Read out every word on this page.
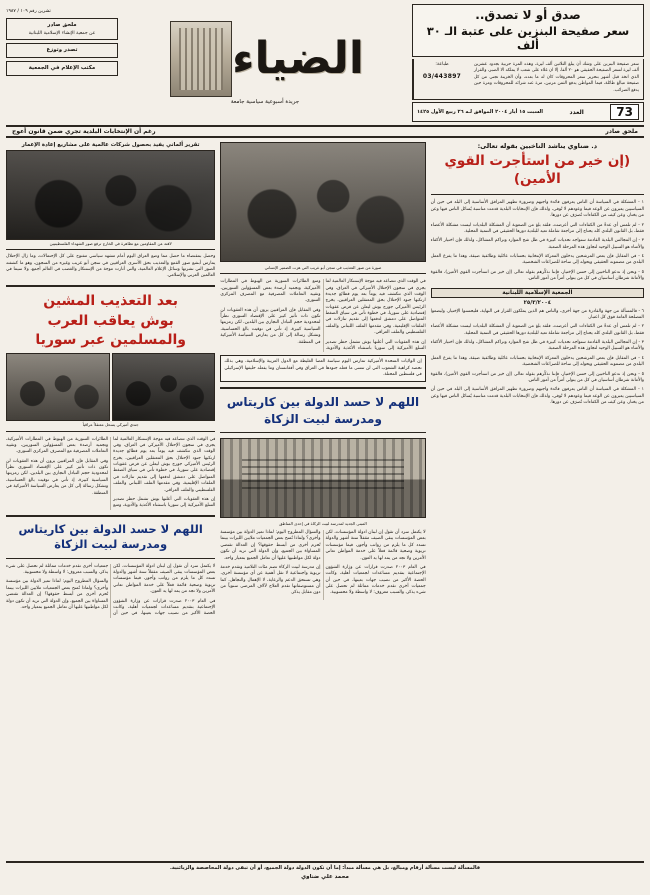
صدق أو لا تصدق..
سعر صفيحة البنزين على عتبة الـ ٣٠ ألف
سعر صفيحة البنزين على وشك أن يبلغ الثلاثين ألف ليرة، وهذه المرة حربية بجدود عشرين ألف ليرة لسعر الصفيحة الحقيقي هو ٢٠ ألفا، إلا ان غلاء على شعب لا يملكه الا الصبر، والقرار الذي اتخذ قبل أشهر بتحرير سعر المحروقات كان له ما بعده، وأن الخزينة تجني من كل صفيحة مبالغ طائلة، فيما المواطن يدفع الثمن مرتين، مرة عند شرائه للمحروقات ومرة حين يدفع الضرائب.
طباعة:
03/443897
73
العدد
السبت ١٥ أيار ٢٠٠٤ الموافق لـه ٢٦ ربيع الأول ١٤٢٥
الضياء
جريدة أسبوعية سياسية جامعة
تشرين رقم ١٠٩ / ١٩٨٧
ملحق صادر
عن جمعية الإنشاء الإسلامية اللبنانية
تصدر وتوزع
مكتب الإعلام في الجمعية
ملحق صادر
رغم أن الإنتخابات البلدية تجري ضمن قانون أعوج
د. ضناوي يناشد الناخبين بقوله تعالى:
(إن خير من استأجرت القوي الأمين)

١ - المشكلة في السياسة أن الناس يعرفون فائدة واجبهم وضرورة تطهير المرافق الأساسية إلى البلد في حين أن السياسيين يعبرون عن الوعد فيما وعودهم لا تُوفى، ولذلك فإن الإنتخابات البلدية قدمت مناسبة يُسائل الناس فيها وعن من يختار، وعن كيف من الكفاءات تُصرَف عن دورها.

٢ - لم تلمس أي عدةً من الكفاءات التي أعرضت، فلقد بلغ من الصعوبة أن المشكلة البلديات ليست مشكلة الأعضاء فقط، بل القانون البلدي كله يحتاج إلى مراجعة شاملة تعيد للبلدية دورها الحقيقي في التنمية المحلية.

٣ - إن المجالس البلدية القادمة ستواجه تحديات كبيرة في ظل شح الموارد وتراكم المشاكل، ولذلك فإن اختيار الأكفاء والأمناء هو السبيل الوحيد لتجاوز هذه المرحلة الصعبة.

٤ - في المقابل فإن بعض المرشحين يدخلون المعركة الإنتخابية بحسابات عائلية وطائفية ضيقة، وهذا ما يفرغ العمل البلدي من مضمونه الحقيقي ويحوله إلى ساحة للصراعات الشخصية.

٥ - ونحن إذ ندعو الناخبين إلى حسن الإختيار، فإننا نذكّرهم بقوله تعالى (إن خير من استأجرت القوي الأمين)، فالقوة والأمانة شرطان أساسيان في كل من يتولى أمراً من أمور الناس.

الجمعية الإسلامية اللبنانية
٢٥/٣/٢٠٠٤

٦ - فالمسألة من جهة والقادرة من جهة أخرى، والناس هم الذين يملكون القرار في النهاية، فليحسنوا الإختيار، وليضعوا المصلحة العامة فوق كل اعتبار.

٢ - لم تلمس أي عدةً من الكفاءات التي أعرضت، فلقد بلغ من الصعوبة أن المشكلة البلديات ليست مشكلة الأعضاء فقط، بل القانون البلدي كله يحتاج إلى مراجعة شاملة تعيد للبلدية دورها الحقيقي في التنمية المحلية.

٣ - إن المجالس البلدية القادمة ستواجه تحديات كبيرة في ظل شح الموارد وتراكم المشاكل، ولذلك فإن اختيار الأكفاء والأمناء هو السبيل الوحيد لتجاوز هذه المرحلة الصعبة.

٤ - في المقابل فإن بعض المرشحين يدخلون المعركة الإنتخابية بحسابات عائلية وطائفية ضيقة، وهذا ما يفرغ العمل البلدي من مضمونه الحقيقي ويحوله إلى ساحة للصراعات الشخصية.

٥ - ونحن إذ ندعو الناخبين إلى حسن الإختيار، فإننا نذكّرهم بقوله تعالى (إن خير من استأجرت القوي الأمين)، فالقوة والأمانة شرطان أساسيان في كل من يتولى أمراً من أمور الناس.

١ - المشكلة في السياسة أن الناس يعرفون فائدة واجبهم وضرورة تطهير المرافق الأساسية إلى البلد في حين أن السياسيين يعبرون عن الوعد فيما وعودهم لا تُوفى، ولذلك فإن الإنتخابات البلدية قدمت مناسبة يُسائل الناس فيها وعن من يختار، وعن كيف من الكفاءات تُصرَف عن دورها.

صورة من صور التعذيب في سجن أبو غريب التي هزت الضمير الإنساني

في الوقت الذي تتصاعد فيه موجة الإستنكار العالمية لما يجري في سجون الإحتلال الأميركي في العراق، وفي الوقت الذي تتكشف فيه يوماً بعد يوم فظائع جديدة ارتكبها جنود الإحتلال بحق المعتقلين العراقيين، يخرج الرئيس الأميركي جورج بوش ليعلن عن فرض عقوبات إقتصادية على سوريا، في خطوة تأتي في سياق الضغط المتواصل على دمشق لدفعها إلى تقديم تنازلات في الملفات الإقليمية، وفي مقدمها الملف اللبناني والملف الفلسطيني والملف العراقي.

إن هذه العقوبات التي أعلنها بوش تشمل حظر تصدير السلع الأميركية إلى سوريا باستثناء الأغذية والأدوية، ومنع الطائرات السورية من الهبوط في المطارات الأميركية، وتجميد أرصدة بعض المسؤولين السوريين، وتقييد التعاملات المصرفية مع المصرف المركزي السوري.

وفي المقابل فإن المراقبين يرون أن هذه العقوبات لن تكون ذات تأثير كبير على الإقتصاد السوري نظراً لمحدودية حجم التبادل التجاري بين البلدين، لكن رمزيتها السياسية كبيرة، إذ تأتي في توقيت بالغ الحساسية، وتشكل رسالة إلى كل من يعارض السياسة الأميركية في المنطقة.

إن الولايات المتحدة الأميركية تمارس اليوم سياسة العصا الغليظة مع الدول العربية والإسلامية، وهي بذلك تحصد كراهية الشعوب التي لن تنسى ما فعله جنودها في العراق وفي أفغانستان وما يفعله حليفها الإسرائيلي في فلسطين المحتلة.
اللهم لا حسد الدولة بين كاريتاس ومدرسة لبيت الزكاة
المبنى الجديد لمدرسة لبيت الزكاة في إحدى المناطق

لا يكتمل سرد أن تقول إن لبنان ادولة المؤسسات، لكن بعض المؤسسات يبقى الصيف مقفلاً ستة أشهر والدولة تسدد كل ما يلزم من رواتب وأجور، فيما مؤسسات تربوية وصحية قائمة فعلاً على خدمة المواطن تعاني الأمرين ولا تجد من يمد لها يد العون.

في العام ٢٠٠٣ صدرت قرارات عن وزارة الشؤون الإجتماعية بتقديم مساعدات لجمعيات أهلية، وكانت الحصة الأكبر من نصيب جهات بعينها، في حين أن جمعيات أخرى تقدم خدمات مماثلة لم تحصل على شيء يذكر، والسبب معروف: لا واسطة ولا محسوبية.

والسؤال المطروح اليوم: لماذا تميز الدولة بين مؤسسة وأخرى؟ ولماذا تُمنح بعض الجمعيات ملايين الليرات بينما تُحرم أخرى من أبسط حقوقها؟ إن العدالة تقتضي المساواة بين الجميع، وإن الدولة التي تريد أن تكون دولة لكل مواطنيها عليها أن تعامل الجميع بمعيار واحد.

إن مدرسة لبيت الزكاة تضم مئات التلاميذ وتقدم خدمة تربوية واجتماعية لا تقل أهمية عن أي مؤسسة أخرى، وهي تستحق الدعم والرعاية، لا الإهمال والتجاهل، كما أن مستوصفاتها تقدم العلاج لآلاف المرضى سنوياً من دون مقابل يذكر.

تقرير ألماني يفيد بحصول شركات عالمية على مشاريع إعادة الإعمار
لافتة عن المقاومين مع تظاهرة في الخارج ترفع صور الشهداء الفلسطينيين
وحصل بمقتضاه ما حصل مما وضع العراق اليوم أمام مشهد سياسي مفتوح على كل الإحتمالات، وما زال الإحتلال يمارس أبشع صور القمع والتعذيب بحق الأسرى العراقيين في سجن أبو غريب وغيره من السجون، وهو ما كشفته الصور التي نشرتها وسائل الإعلام العالمية، والتي أثارت موجة من الإستنكار والغضب في العالم أجمع، ولا سيما في العالمين العربي والإسلامي.
بعد التعذيب المشين
بوش يعاقب العرب
والمسلمين عبر سوريا
جندي أميركي يسحل معتقلاً عراقياً

في الوقت الذي تتصاعد فيه موجة الإستنكار العالمية لما يجري في سجون الإحتلال الأميركي في العراق، وفي الوقت الذي تتكشف فيه يوماً بعد يوم فظائع جديدة ارتكبها جنود الإحتلال بحق المعتقلين العراقيين، يخرج الرئيس الأميركي جورج بوش ليعلن عن فرض عقوبات إقتصادية على سوريا، في خطوة تأتي في سياق الضغط المتواصل على دمشق لدفعها إلى تقديم تنازلات في الملفات الإقليمية، وفي مقدمها الملف اللبناني والملف الفلسطيني والملف العراقي.

إن هذه العقوبات التي أعلنها بوش تشمل حظر تصدير السلع الأميركية إلى سوريا باستثناء الأغذية والأدوية، ومنع الطائرات السورية من الهبوط في المطارات الأميركية، وتجميد أرصدة بعض المسؤولين السوريين، وتقييد التعاملات المصرفية مع المصرف المركزي السوري.

وفي المقابل فإن المراقبين يرون أن هذه العقوبات لن تكون ذات تأثير كبير على الإقتصاد السوري نظراً لمحدودية حجم التبادل التجاري بين البلدين، لكن رمزيتها السياسية كبيرة، إذ تأتي في توقيت بالغ الحساسية، وتشكل رسالة إلى كل من يعارض السياسة الأميركية في المنطقة.

اللهم لا حسد الدولة بين كاريتاس ومدرسة لبيت الزكاة

لا يكتمل سرد أن تقول إن لبنان ادولة المؤسسات، لكن بعض المؤسسات يبقى الصيف مقفلاً ستة أشهر والدولة تسدد كل ما يلزم من رواتب وأجور، فيما مؤسسات تربوية وصحية قائمة فعلاً على خدمة المواطن تعاني الأمرين ولا تجد من يمد لها يد العون.

في العام ٢٠٠٣ صدرت قرارات عن وزارة الشؤون الإجتماعية بتقديم مساعدات لجمعيات أهلية، وكانت الحصة الأكبر من نصيب جهات بعينها، في حين أن جمعيات أخرى تقدم خدمات مماثلة لم تحصل على شيء يذكر، والسبب معروف: لا واسطة ولا محسوبية.

والسؤال المطروح اليوم: لماذا تميز الدولة بين مؤسسة وأخرى؟ ولماذا تُمنح بعض الجمعيات ملايين الليرات بينما تُحرم أخرى من أبسط حقوقها؟ إن العدالة تقتضي المساواة بين الجميع، وإن الدولة التي تريد أن تكون دولة لكل مواطنيها عليها أن تعامل الجميع بمعيار واحد.

فالمسألة ليست مسألة أرقام ومبالغ، بل هي مسألة مبدأ: إما أن تكون الدولة دولة الجميع، أو أن تبقى دولة المحاصصة والزبائنية.
محمد علي ضناوي
